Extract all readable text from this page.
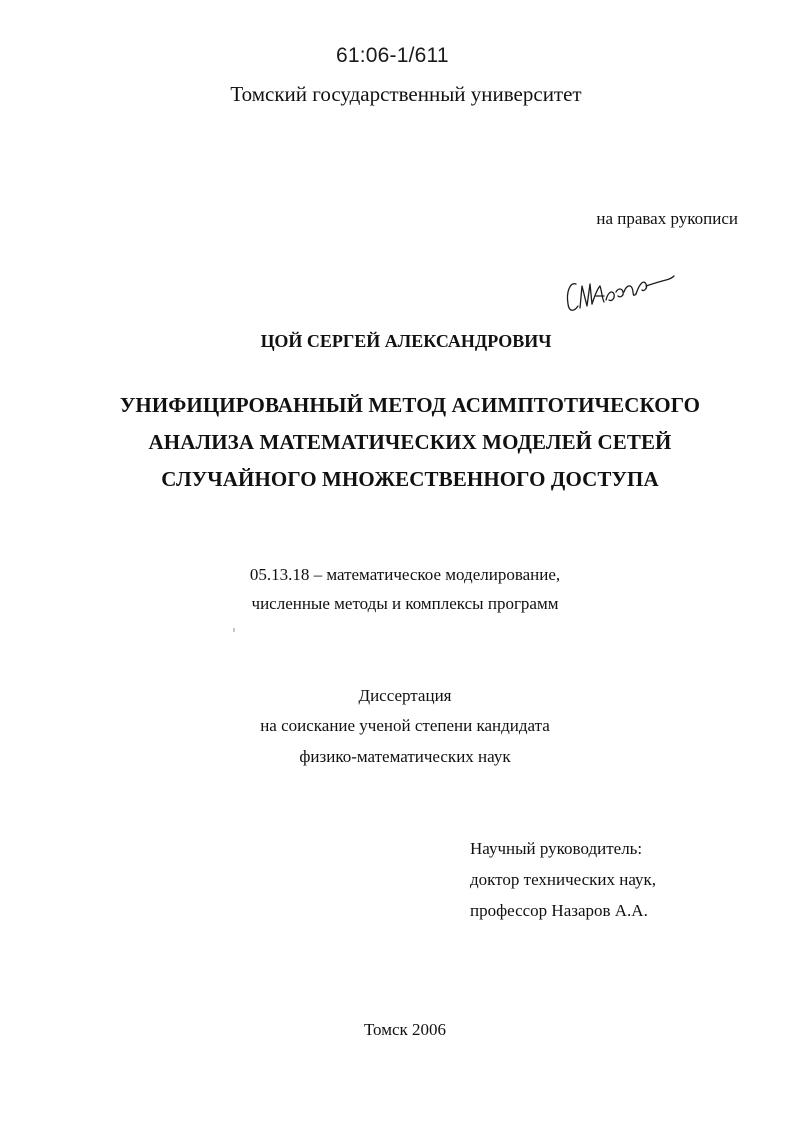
61:06-1/611

Томский государственный университет

на правах рукописи

ЦОЙ СЕРГЕЙ АЛЕКСАНДРОВИЧ

УНИФИЦИРОВАННЫЙ МЕТОД АСИМПТОТИЧЕСКОГО

АНАЛИЗА МАТЕМАТИЧЕСКИХ МОДЕЛЕЙ СЕТЕЙ

СЛУЧАЙНОГО МНОЖЕСТВЕННОГО ДОСТУПА

05.13.18 – математическое моделирование,

численные методы и комплексы программ

Диссертация

на соискание ученой степени кандидата

физико-математических наук

Научный руководитель:

доктор технических наук,

профессор Назаров А.А.

Томск 2006
